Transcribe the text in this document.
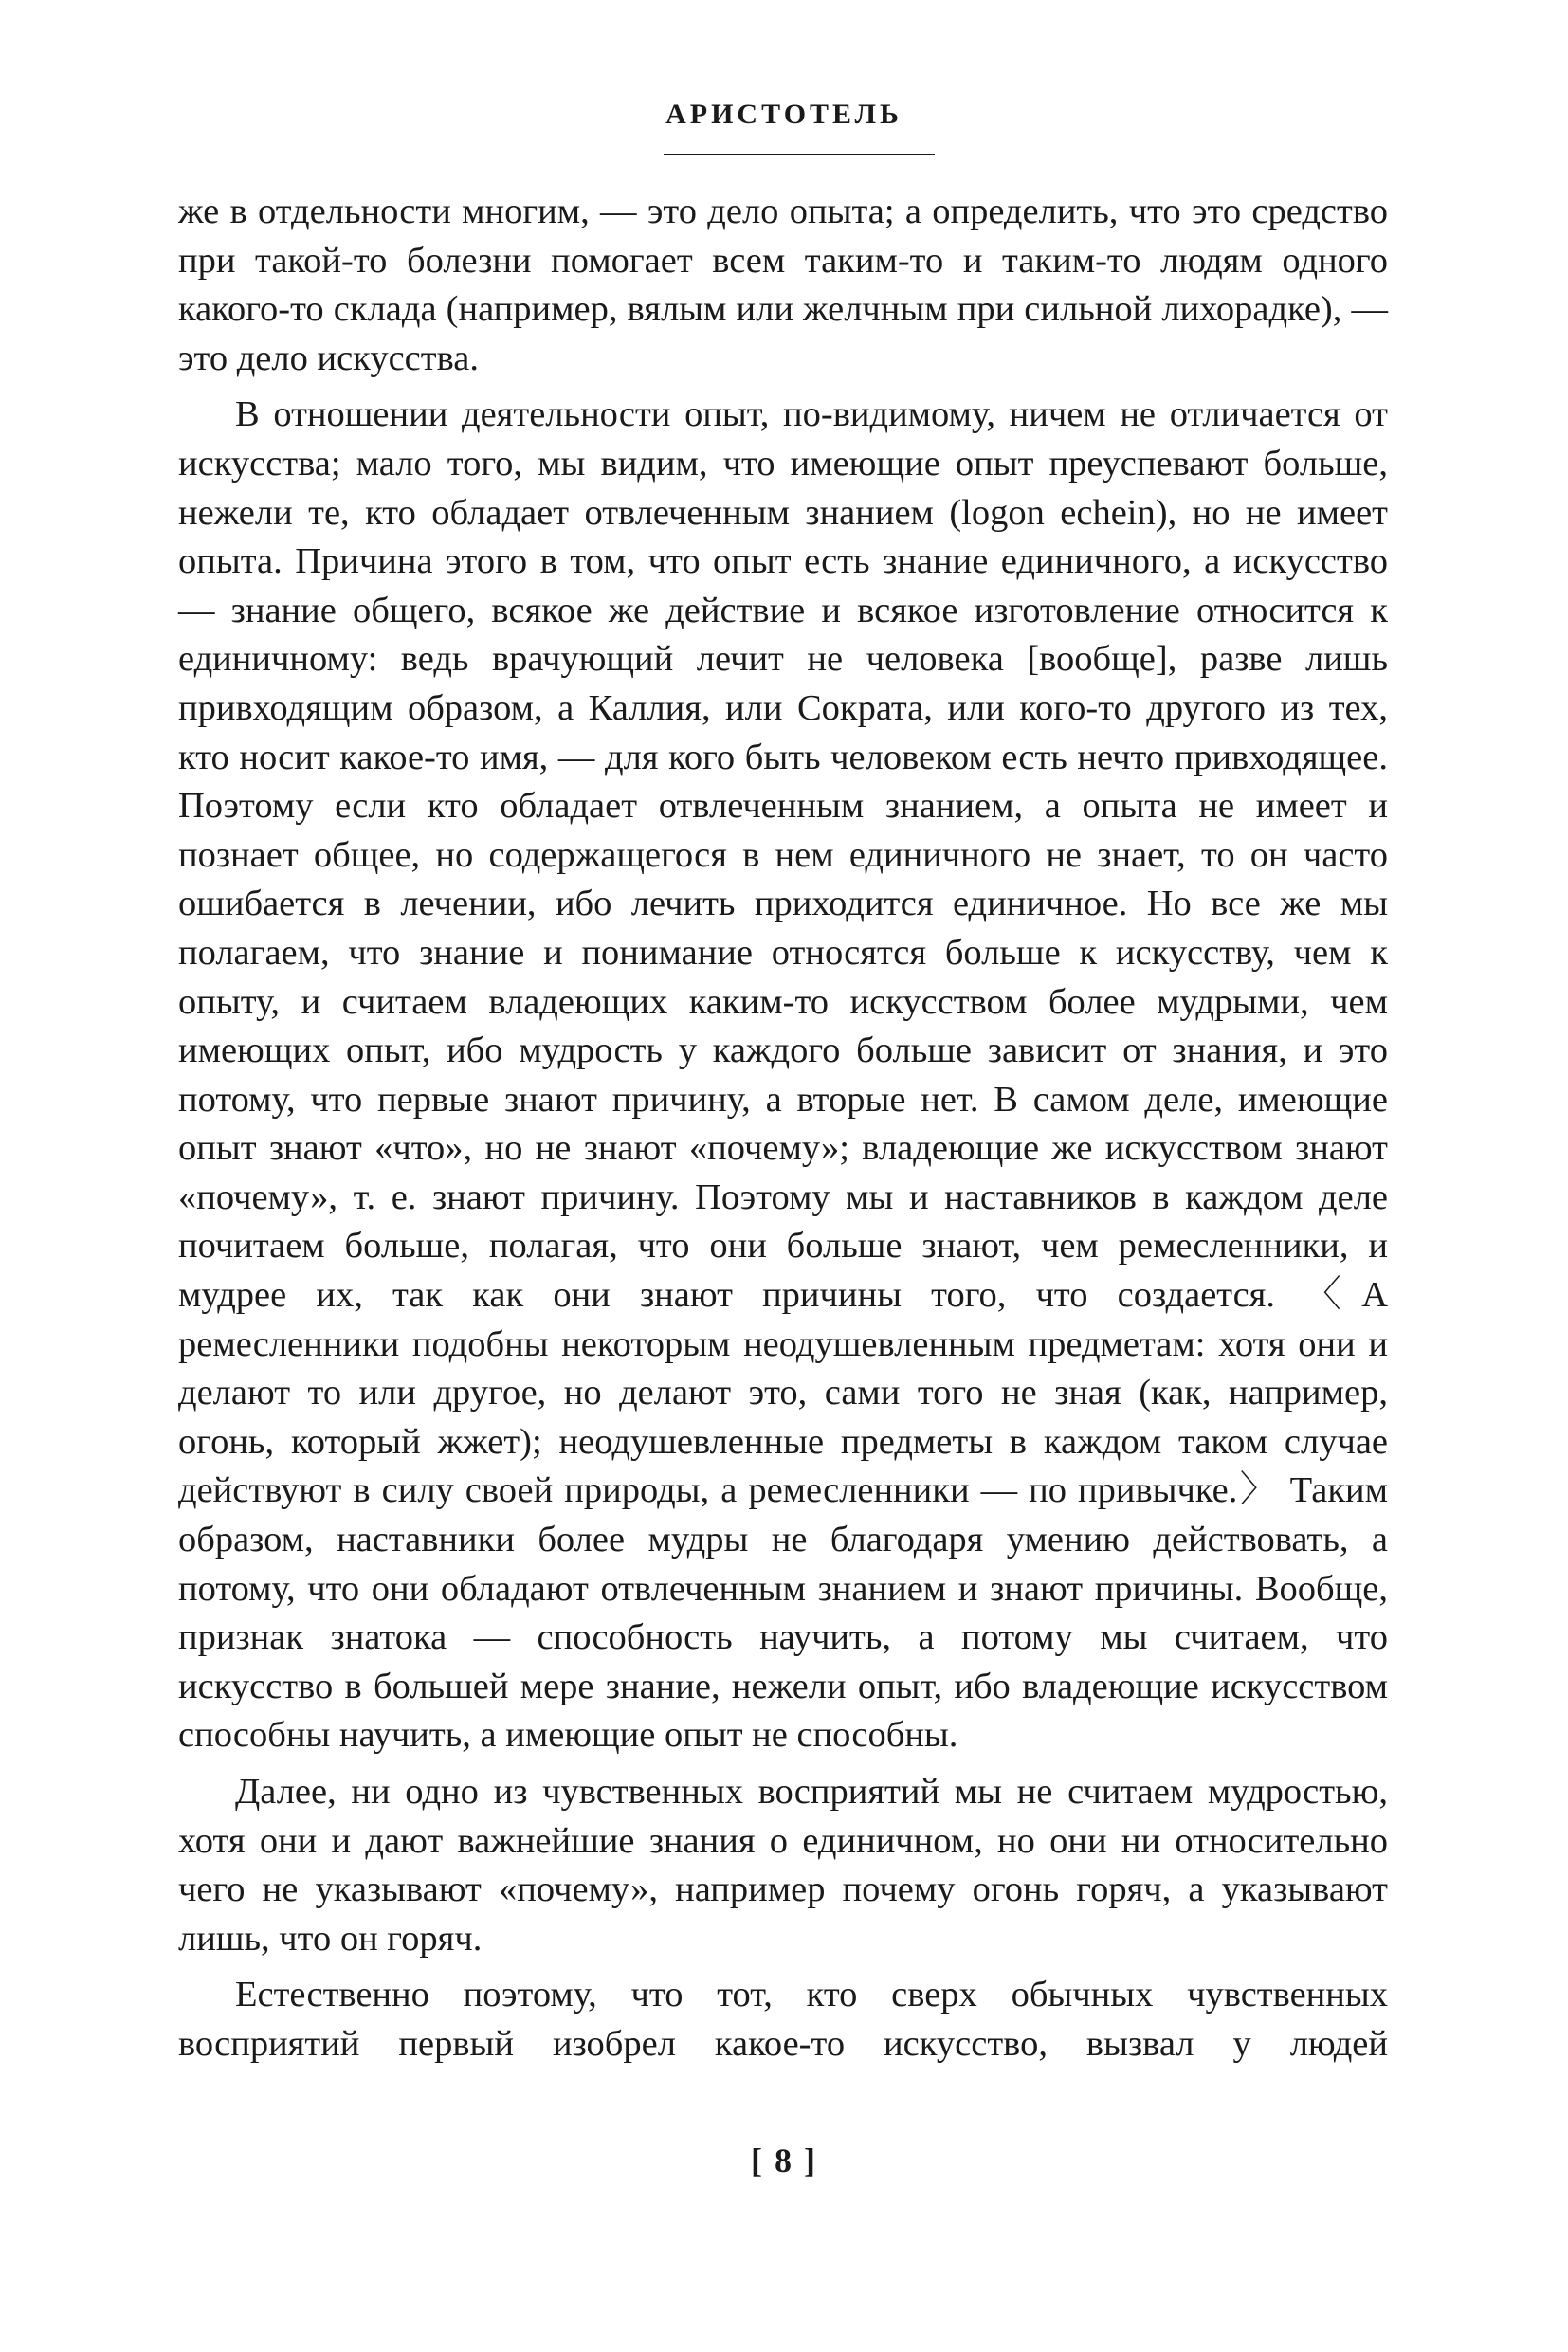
АРИСТОТЕЛЬ

же в отдельности многим, — это дело опыта; а определить, что это средство при такой-то болезни помогает всем таким-то и таким-то людям одного какого-то склада (например, вялым или желчным при сильной лихорадке), — это дело искусства.

В отношении деятельности опыт, по-видимому, ничем не отличается от искусства; мало того, мы видим, что имеющие опыт преуспевают больше, нежели те, кто обладает отвлеченным знанием (logon echein), но не имеет опыта. Причина этого в том, что опыт есть знание единичного, а искусство — знание общего, всякое же действие и всякое изготовление относится к единичному: ведь врачующий лечит не человека [вообще], разве лишь привходящим образом, а Каллия, или Сократа, или кого-то другого из тех, кто носит какое-то имя, — для кого быть человеком есть нечто привходящее. Поэтому если кто обладает отвлеченным знанием, а опыта не имеет и познает общее, но содержащегося в нем единичного не знает, то он часто ошибается в лечении, ибо лечить приходится единичное. Но все же мы полагаем, что знание и понимание относятся больше к искусству, чем к опыту, и считаем владеющих каким-то искусством более мудрыми, чем имеющих опыт, ибо мудрость у каждого больше зависит от знания, и это потому, что первые знают причину, а вторые нет. В самом деле, имеющие опыт знают «что», но не знают «почему»; владеющие же искусством знают «почему», т. е. знают причину. Поэтому мы и наставников в каждом деле почитаем больше, полагая, что они больше знают, чем ремесленники, и мудрее их, так как они знают причины того, что создается. 〈А ремесленники подобны некоторым неодушевленным предметам: хотя они и делают то или другое, но делают это, сами того не зная (как, например, огонь, который жжет); неодушевленные предметы в каждом таком случае действуют в силу своей природы, а ремесленники — по привычке.〉 Таким образом, наставники более мудры не благодаря умению действовать, а потому, что они обладают отвлеченным знанием и знают причины. Вообще, признак знатока — способность научить, а потому мы считаем, что искусство в большей мере знание, нежели опыт, ибо владеющие искусством способны научить, а имеющие опыт не способны.

Далее, ни одно из чувственных восприятий мы не считаем мудростью, хотя они и дают важнейшие знания о единичном, но они ни относительно чего не указывают «почему», например почему огонь горяч, а указывают лишь, что он горяч.

Естественно поэтому, что тот, кто сверх обычных чувственных восприятий первый изобрел какое-то искусство, вызвал у людей

[ 8 ]
